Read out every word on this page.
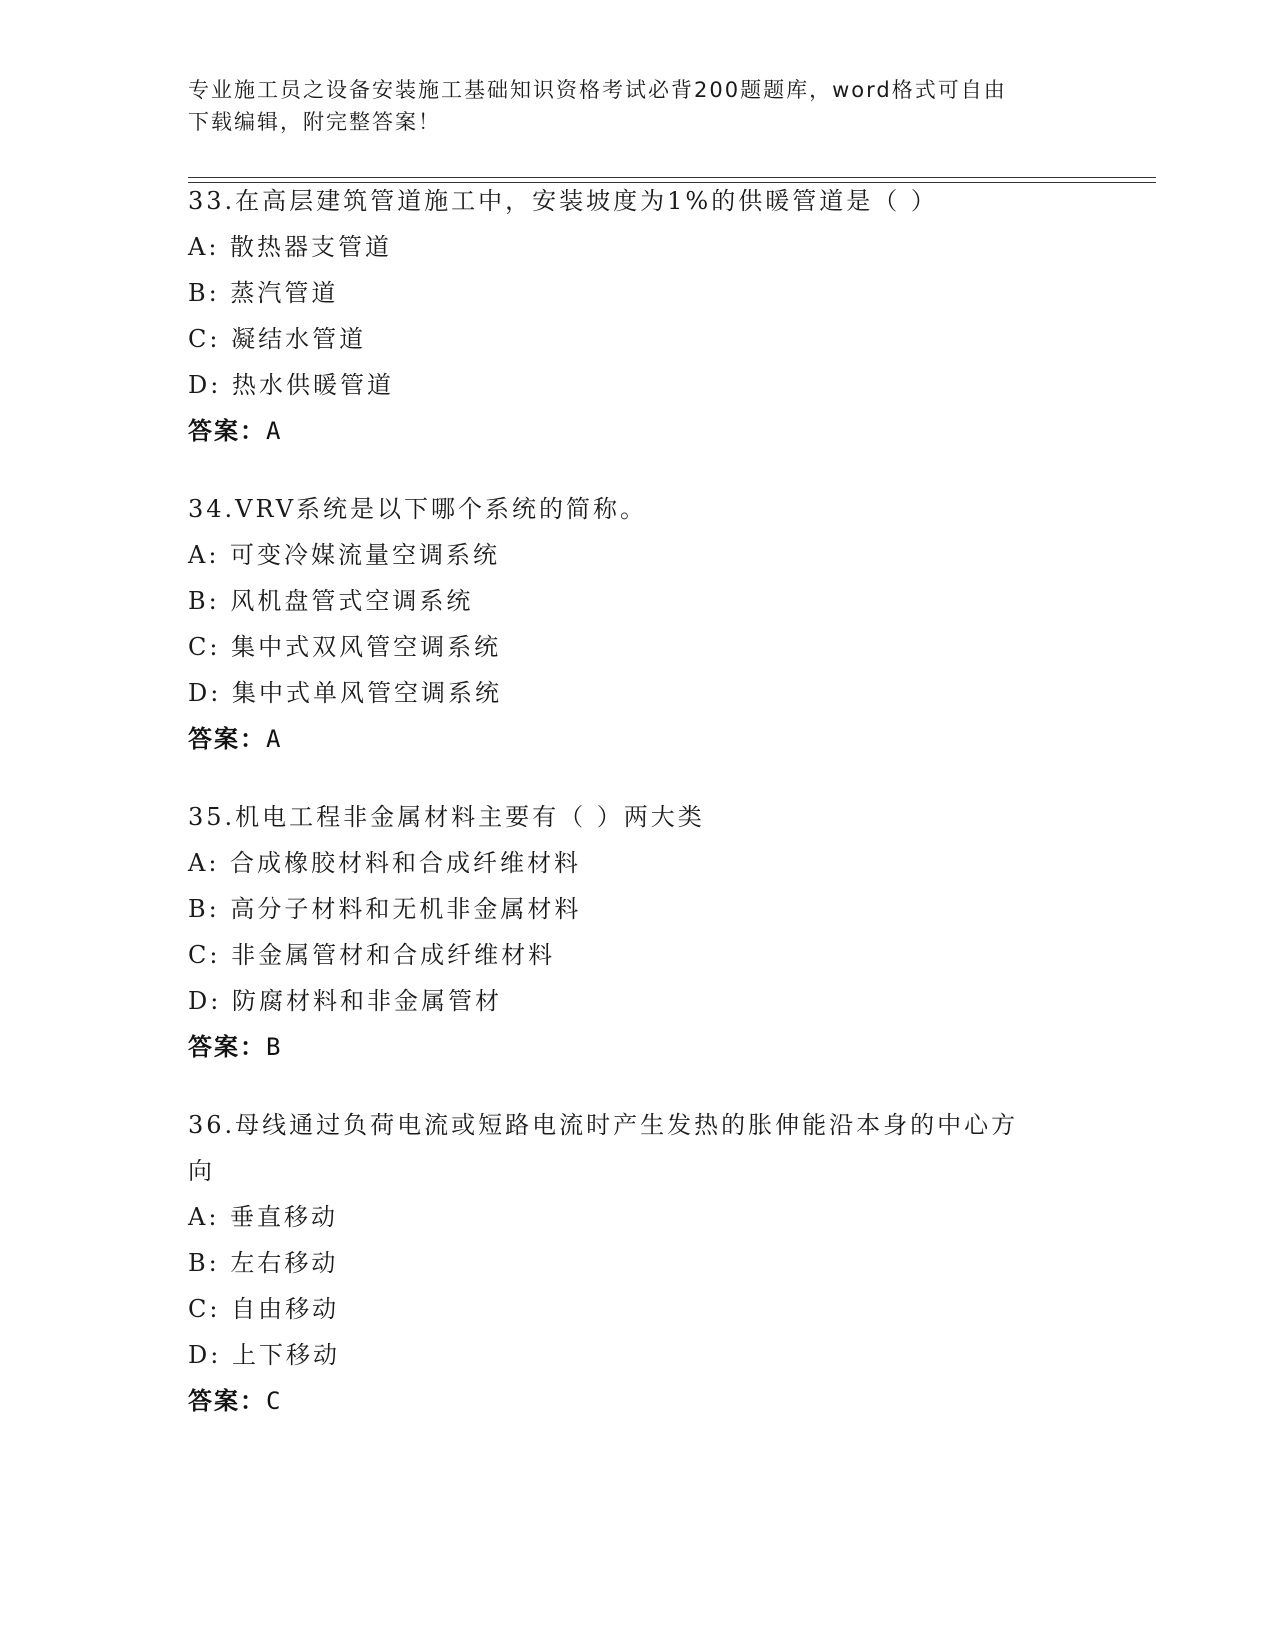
专业施工员之设备安装施工基础知识资格考试必背200题题库，word格式可自由
下载编辑，附完整答案！
33.在高层建筑管道施工中，安装坡度为1%的供暖管道是（ ）
A: 散热器支管道
B: 蒸汽管道
C: 凝结水管道
D: 热水供暖管道
答案：A
34.VRV系统是以下哪个系统的简称。
A: 可变冷媒流量空调系统
B: 风机盘管式空调系统
C: 集中式双风管空调系统
D: 集中式单风管空调系统
答案：A
35.机电工程非金属材料主要有（ ）两大类
A: 合成橡胶材料和合成纤维材料
B: 高分子材料和无机非金属材料
C: 非金属管材和合成纤维材料
D: 防腐材料和非金属管材
答案：B
36.母线通过负荷电流或短路电流时产生发热的胀伸能沿本身的中心方
向
A: 垂直移动
B: 左右移动
C: 自由移动
D: 上下移动
答案：C
